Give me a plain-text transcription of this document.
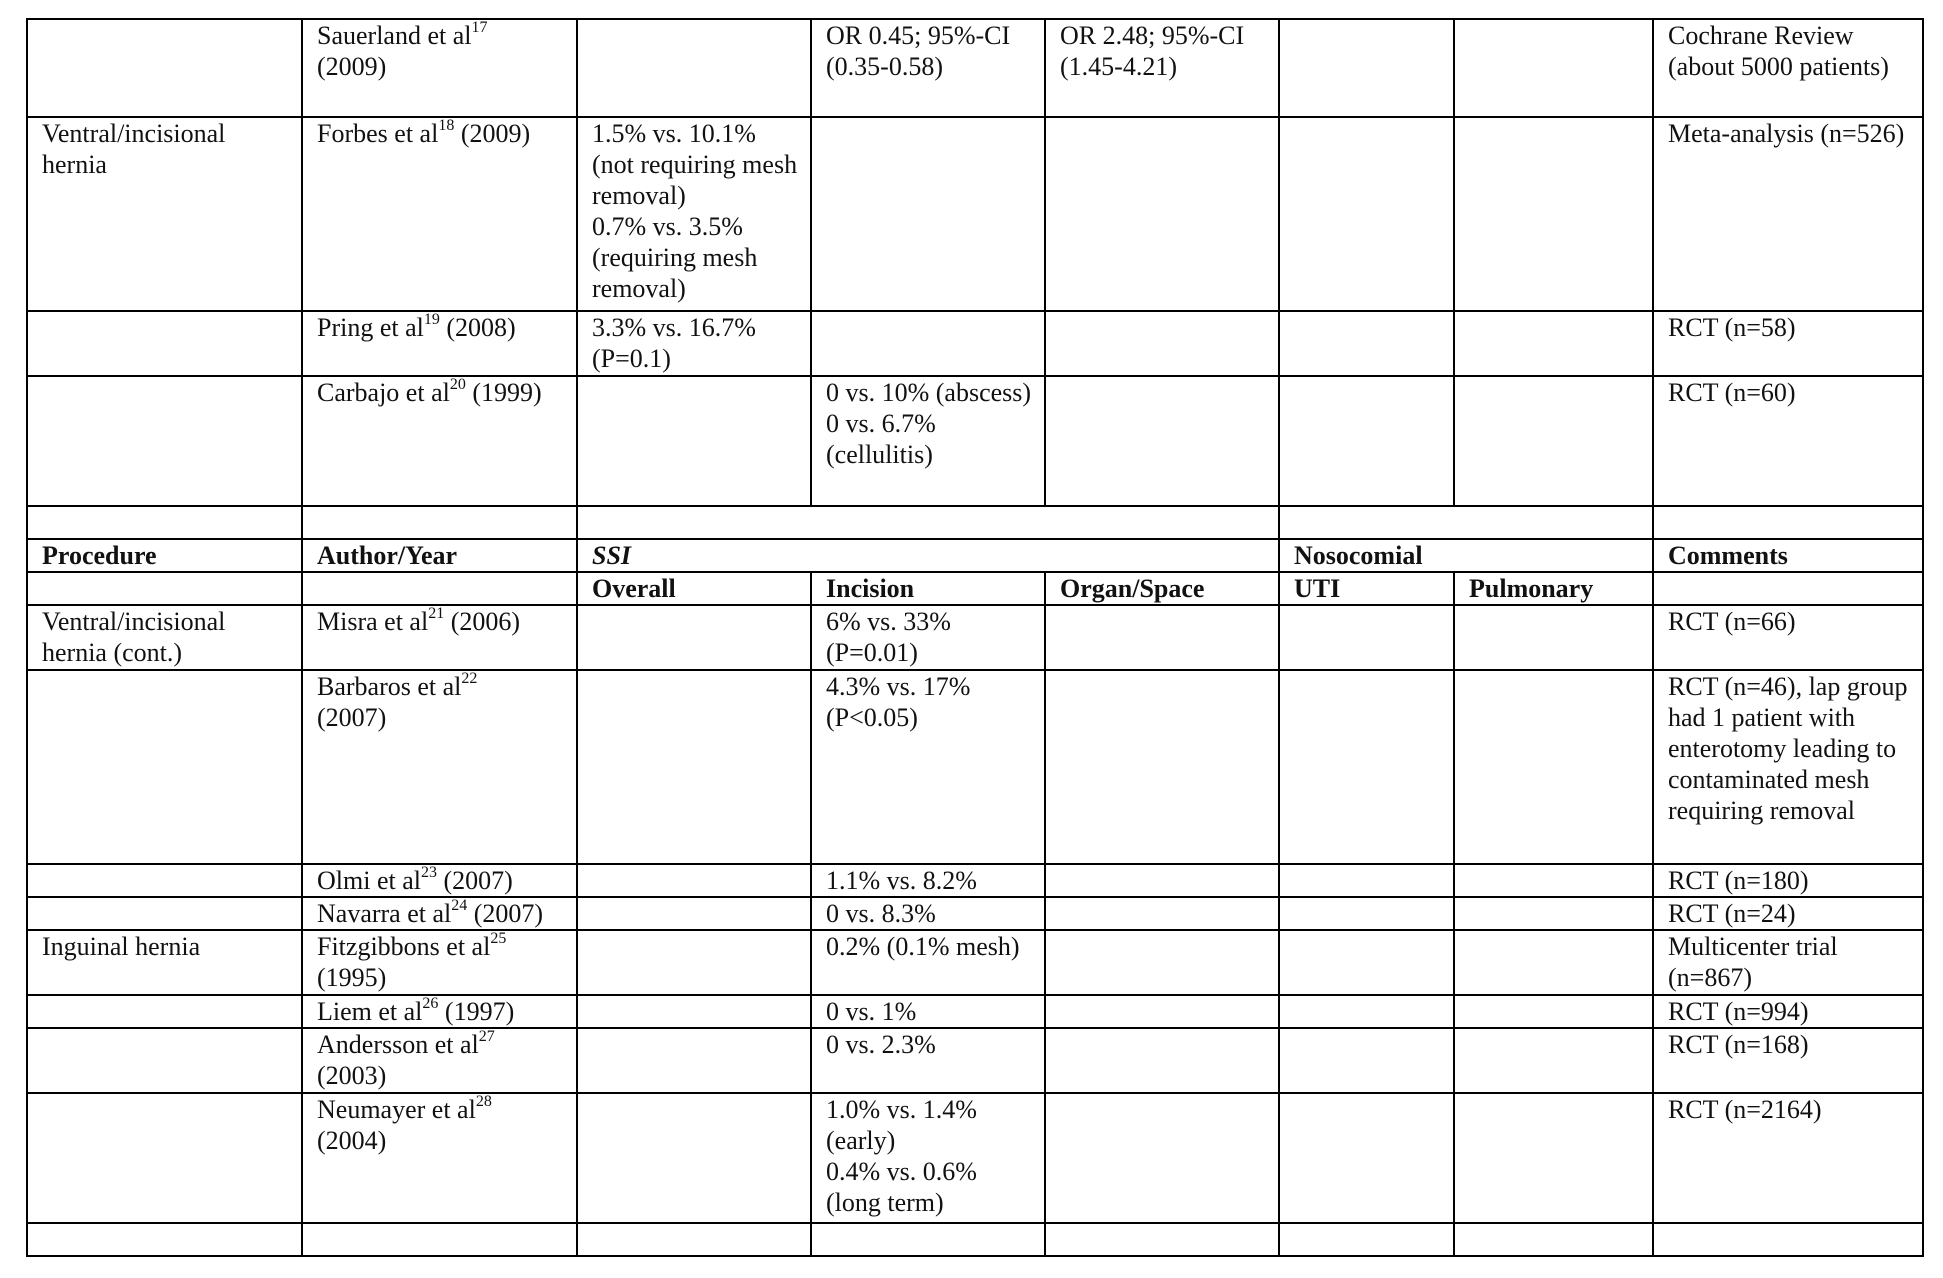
	Sauerland et $al^{17}$
(2009)		OR 0.45; 95%-CI (0.35-0.58)	OR 2.48; 95%-CI (1.45-4.21)			Cochrane Review (about 5000 patients)
Ventral/incisional hernia	Forbes et $al^{18}$ (2009)	1.5% vs. 10.1% (not requiring mesh removal)
0.7% vs. 3.5% (requiring mesh removal)					Meta-analysis (n=526)
	Pring et $al^{19}$ (2008)	3.3% vs. 16.7% (P=0.1)					RCT (n=58)
	Carbajo et $al^{20}$ (1999)		0 vs. 10% (abscess)
0 vs. 6.7% (cellulitis)				RCT (n=60)

Procedure	Author/Year	SSI			Nosocomial		Comments
		Overall	Incision	Organ/Space	UTI	Pulmonary	
Ventral/incisional hernia (cont.)	Misra et $al^{21}$ (2006)		6% vs. 33% (P=0.01)				RCT (n=66)
	Barbaros et $al^{22}$
(2007)		4.3% vs. 17% (P<0.05)				RCT (n=46), lap group had 1 patient with enterotomy leading to contaminated mesh requiring removal
	Olmi et $al^{23}$ (2007)		1.1% vs. 8.2%				RCT (n=180)
	Navarra et $al^{24}$ (2007)		0 vs. 8.3%				RCT (n=24)
Inguinal hernia	Fitzgibbons et $al^{25}$
(1995)		0.2% (0.1% mesh)				Multicenter trial (n=867)
	Liem et $al^{26}$ (1997)		0 vs. 1%				RCT (n=994)
	Andersson et $al^{27}$
(2003)		0 vs. 2.3%				RCT (n=168)
	Neumayer et $al^{28}$
(2004)		1.0% vs. 1.4% (early)
0.4% vs. 0.6% (long term)				RCT (n=2164)
